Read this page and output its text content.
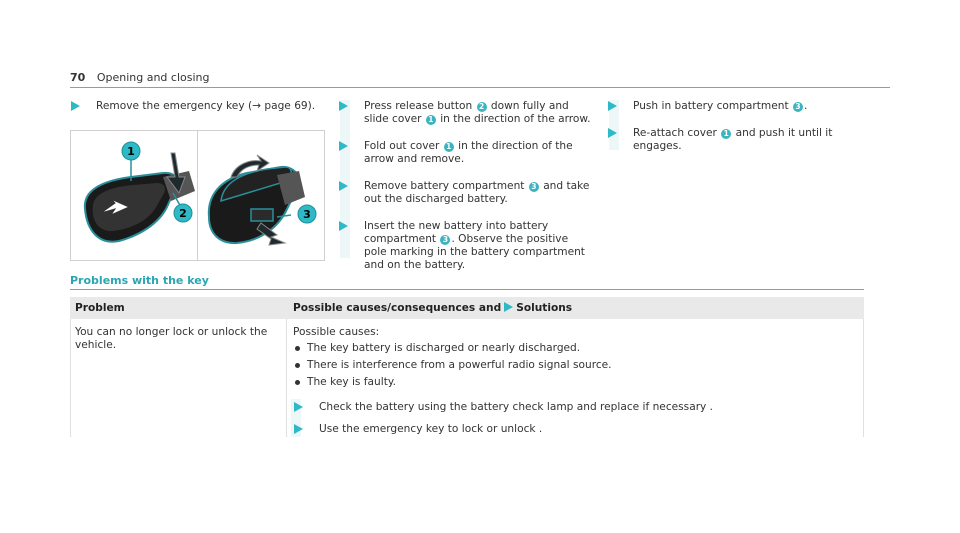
70 Opening and closing
Remove the emergency key (→ page 69).
1
2	3
Press release button 2 down fully and slide cover 1 in the direction of the arrow.
Fold out cover 1 in the direction of the arrow and remove.
Remove battery compartment 3 and take out the discharged battery.
Insert the new battery into battery compartment 3 . Observe the positive pole marking in the battery compartment and on the battery.
Push in battery compartment 3 .
Re-attach cover 1 and push it until it engages.
Problems with the key
Problem	Possible causes/consequences and Solutions
You can no longer lock or unlock the vehicle.
Possible causes:
The key battery is discharged or nearly discharged.
There is interference from a powerful radio signal source.
The key is faulty.
Check the battery using the battery check lamp and replace if necessary .
Use the emergency key to lock or unlock .
